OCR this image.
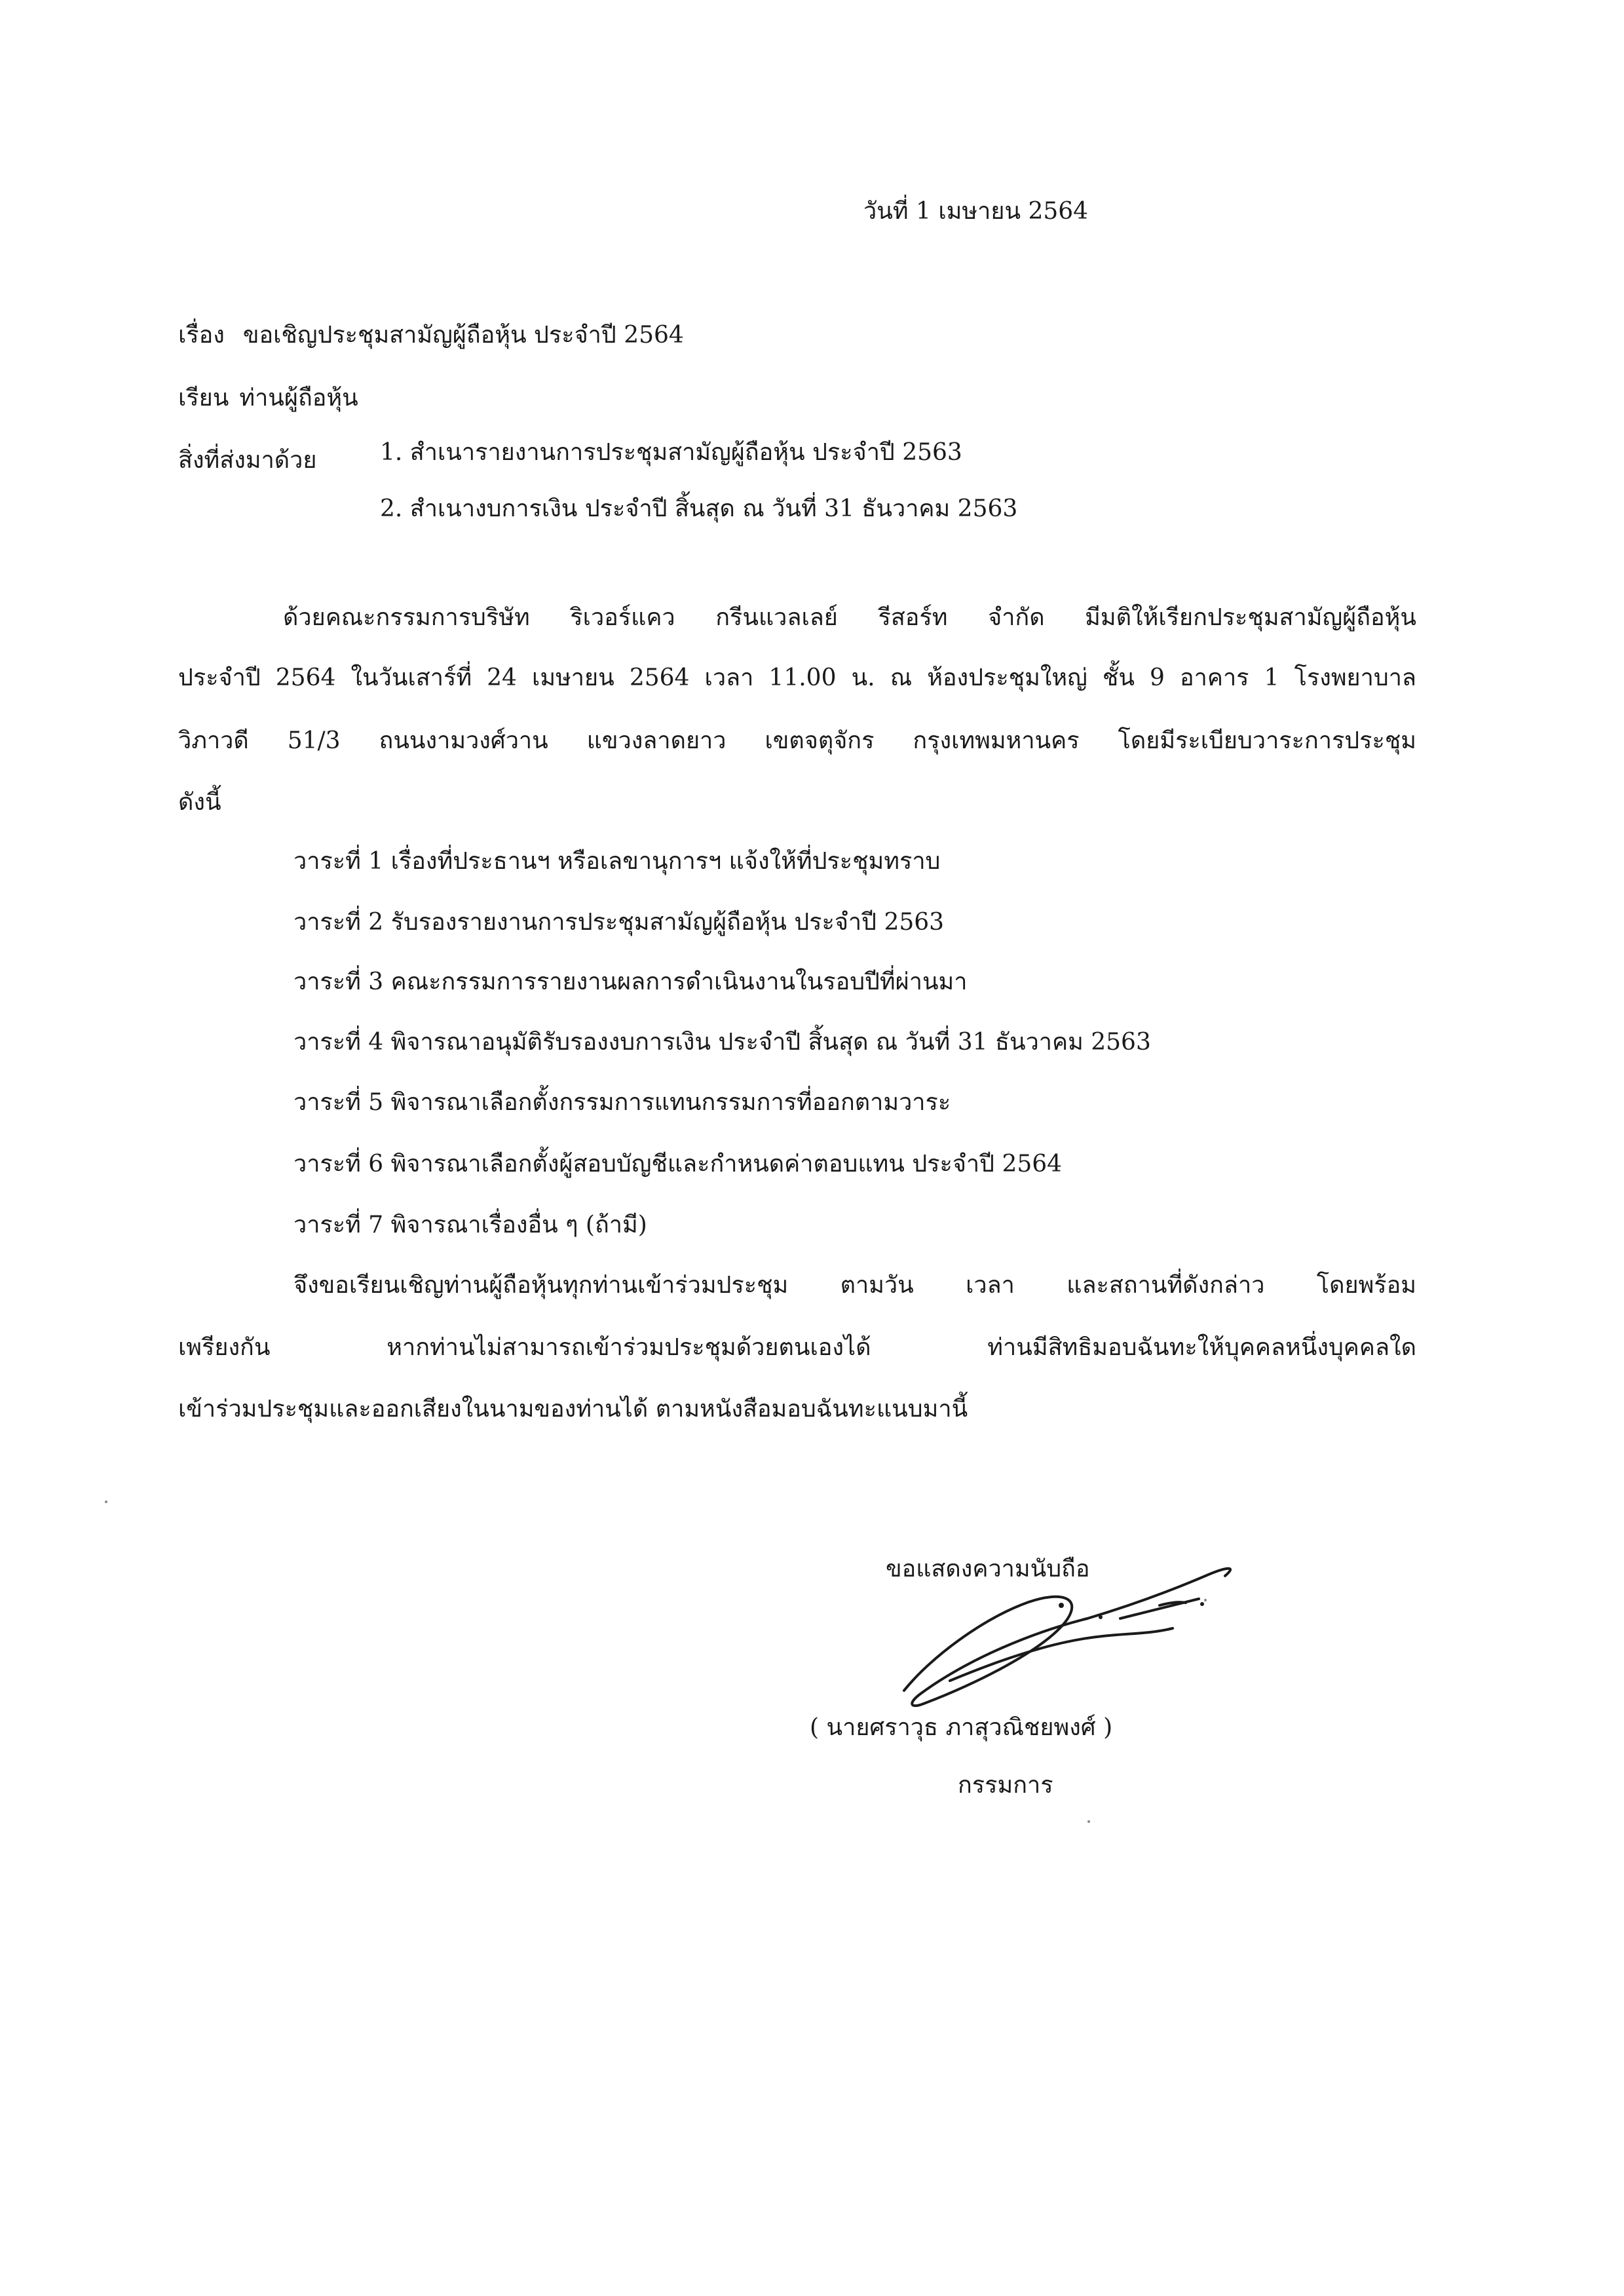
วันที่ 1 เมษายน 2564
เรื่อง ขอเชิญประชุมสามัญผู้ถือหุ้น ประจำปี 2564
เรียน ท่านผู้ถือหุ้น
สิ่งที่ส่งมาด้วย	1. สำเนารายงานการประชุมสามัญผู้ถือหุ้น ประจำปี 2563
2. สำเนางบการเงิน ประจำปี สิ้นสุด ณ วันที่ 31 ธันวาคม 2563
ด้วยคณะกรรมการบริษัท ริเวอร์แคว กรีนแวลเลย์ รีสอร์ท จำกัด มีมติให้เรียกประชุมสามัญผู้ถือหุ้น
ประจำปี 2564 ในวันเสาร์ที่ 24 เมษายน 2564 เวลา 11.00 น. ณ ห้องประชุมใหญ่ ชั้น 9 อาคาร 1 โรงพยาบาล
วิภาวดี 51/3 ถนนงามวงศ์วาน แขวงลาดยาว เขตจตุจักร กรุงเทพมหานคร โดยมีระเบียบวาระการประชุม
ดังนี้
วาระที่ 1 เรื่องที่ประธานฯ หรือเลขานุการฯ แจ้งให้ที่ประชุมทราบ
วาระที่ 2 รับรองรายงานการประชุมสามัญผู้ถือหุ้น ประจำปี 2563
วาระที่ 3 คณะกรรมการรายงานผลการดำเนินงานในรอบปีที่ผ่านมา
วาระที่ 4 พิจารณาอนุมัติรับรองงบการเงิน ประจำปี สิ้นสุด ณ วันที่ 31 ธันวาคม 2563
วาระที่ 5 พิจารณาเลือกตั้งกรรมการแทนกรรมการที่ออกตามวาระ
วาระที่ 6 พิจารณาเลือกตั้งผู้สอบบัญชีและกำหนดค่าตอบแทน ประจำปี 2564
วาระที่ 7 พิจารณาเรื่องอื่น ๆ (ถ้ามี)
จึงขอเรียนเชิญท่านผู้ถือหุ้นทุกท่านเข้าร่วมประชุม ตามวัน เวลา และสถานที่ดังกล่าว โดยพร้อม
เพรียงกัน หากท่านไม่สามารถเข้าร่วมประชุมด้วยตนเองได้ ท่านมีสิทธิมอบฉันทะให้บุคคลหนึ่งบุคคลใด
เข้าร่วมประชุมและออกเสียงในนามของท่านได้ ตามหนังสือมอบฉันทะแนบมานี้
ขอแสดงความนับถือ
( นายศราวุธ ภาสุวณิชยพงศ์ )
กรรมการ
